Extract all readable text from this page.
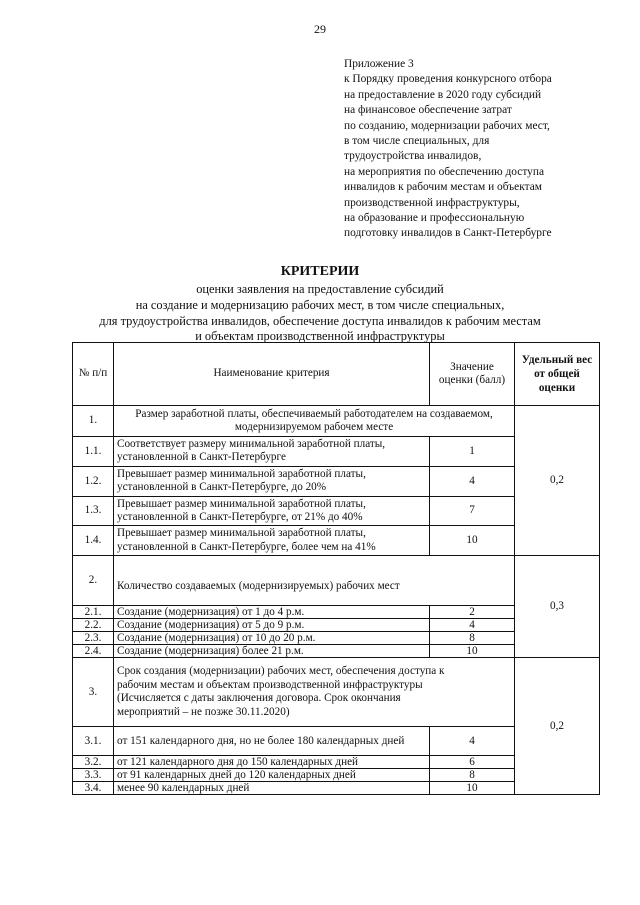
29
Приложение 3
к Порядку проведения конкурсного отбора
на предоставление в 2020 году субсидий
на финансовое обеспечение затрат
по созданию, модернизации рабочих мест,
в том числе специальных, для
трудоустройства инвалидов,
на мероприятия по обеспечению доступа
инвалидов к рабочим местам и объектам
производственной инфраструктуры,
на образование и профессиональную
подготовку инвалидов в Санкт-Петербурге
КРИТЕРИИ
оценки заявления на предоставление субсидий
на создание и модернизацию рабочих мест, в том числе специальных,
для трудоустройства инвалидов, обеспечение доступа инвалидов к рабочим местам
и объектам производственной инфраструктуры
№ п/п	Наименование критерия	Значение оценки (балл)	Удельный вес от общей оценки
1.	Размер заработной платы, обеспечиваемый работодателем на создаваемом, модернизируемом рабочем месте		0,2
1.1.	Соответствует размеру минимальной заработной платы, установленной в Санкт-Петербурге	1	
1.2.	Превышает размер минимальной заработной платы, установленной в Санкт-Петербурге, до 20%	4	
1.3.	Превышает размер минимальной заработной платы, установленной в Санкт-Петербурге, от 21% до 40%	7	
1.4.	Превышает размер минимальной заработной платы, установленной в Санкт-Петербурге, более чем на 41%	10	
2.	Количество создаваемых (модернизируемых) рабочих мест		0,3
2.1.	Создание (модернизация) от 1 до 4 р.м.	2	
2.2.	Создание (модернизация) от 5 до 9 р.м.	4	
2.3.	Создание (модернизация) от 10 до 20 р.м.	8	
2.4.	Создание (модернизация) более 21 р.м.	10	
3.	Срок создания (модернизации) рабочих мест, обеспечения доступа к рабочим местам и объектам производственной инфраструктуры (Исчисляется с даты заключения договора. Срок окончания мероприятий – не позже 30.11.2020)		0,2
3.1.	от 151 календарного дня, но не более 180 календарных дней	4	
3.2.	от 121 календарного дня до 150 календарных дней	6	
3.3.	от 91 календарных дней до 120 календарных дней	8	
3.4.	менее 90 календарных дней	10	
